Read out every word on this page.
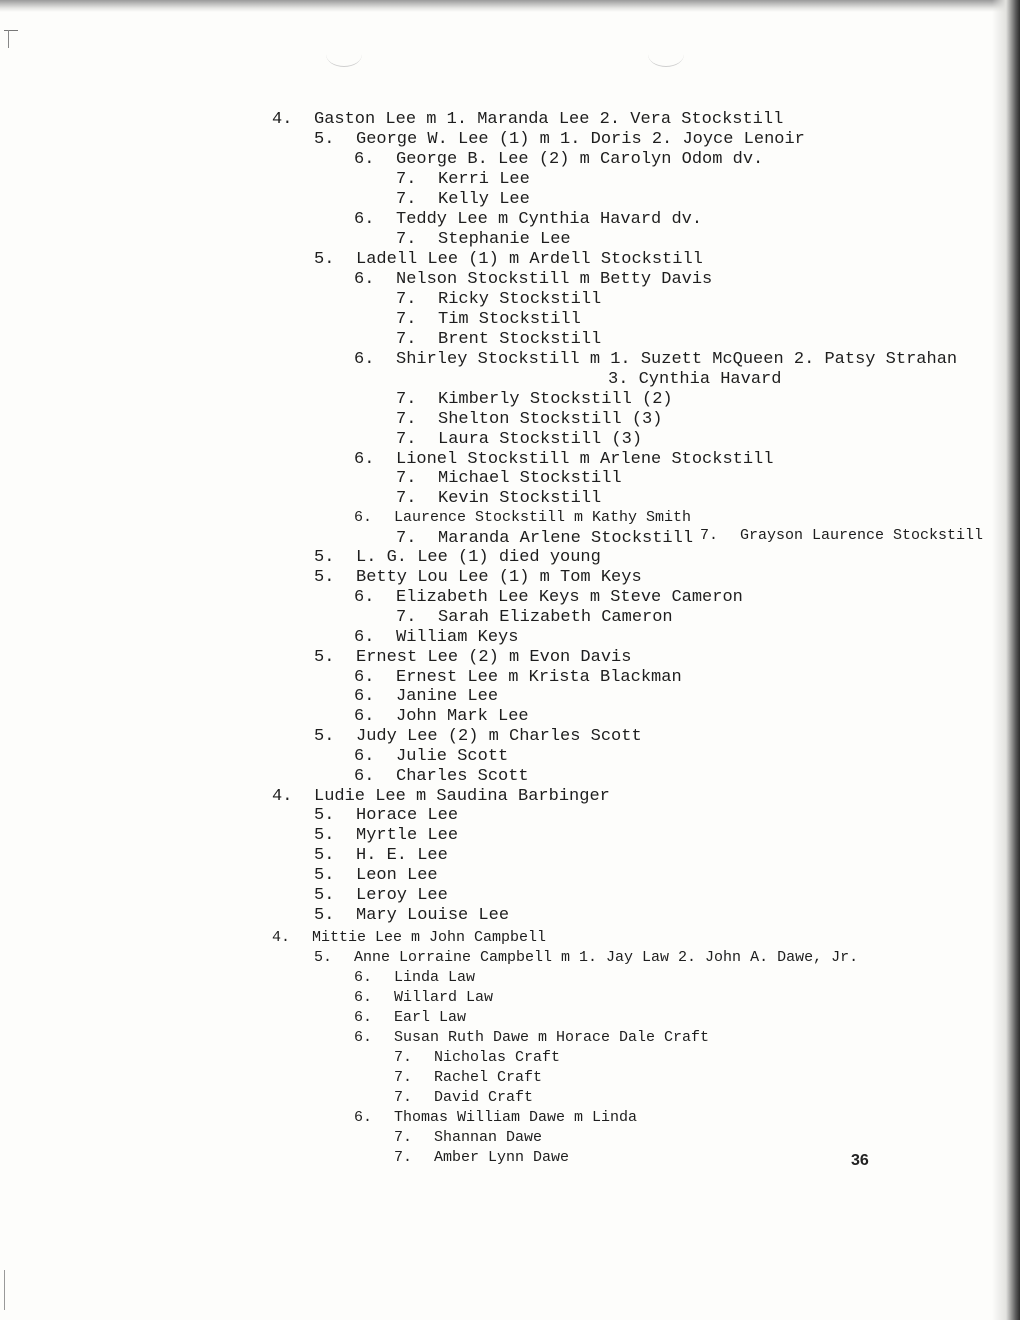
4. Gaston Lee m 1. Maranda Lee 2. Vera Stockstill
5. George W. Lee (1) m 1. Doris 2. Joyce Lenoir
6. George B. Lee (2) m Carolyn Odom dv.
7. Kerri Lee
7. Kelly Lee
6. Teddy Lee m Cynthia Havard dv.
7. Stephanie Lee
5. Ladell Lee (1) m Ardell Stockstill
6. Nelson Stockstill m Betty Davis
7. Ricky Stockstill
7. Tim Stockstill
7. Brent Stockstill
6. Shirley Stockstill m 1. Suzett McQueen 2. Patsy Strahan
3. Cynthia Havard
7. Kimberly Stockstill (2)
7. Shelton Stockstill (3)
7. Laura Stockstill (3)
6. Lionel Stockstill m Arlene Stockstill
7. Michael Stockstill
7. Kevin Stockstill
6. Laurence Stockstill m Kathy Smith
7. Maranda Arlene Stockstill 7. Grayson Laurence Stockstill
5. L. G. Lee (1) died young
5. Betty Lou Lee (1) m Tom Keys
6. Elizabeth Lee Keys m Steve Cameron
7. Sarah Elizabeth Cameron
6. William Keys
5. Ernest Lee (2) m Evon Davis
6. Ernest Lee m Krista Blackman
6. Janine Lee
6. John Mark Lee
5. Judy Lee (2) m Charles Scott
6. Julie Scott
6. Charles Scott
4. Ludie Lee m Saudina Barbinger
5. Horace Lee
5. Myrtle Lee
5. H. E. Lee
5. Leon Lee
5. Leroy Lee
5. Mary Louise Lee
4. Mittie Lee m John Campbell
5. Anne Lorraine Campbell m 1. Jay Law 2. John A. Dawe, Jr.
6. Linda Law
6. Willard Law
6. Earl Law
6. Susan Ruth Dawe m Horace Dale Craft
7. Nicholas Craft
7. Rachel Craft
7. David Craft
6. Thomas William Dawe m Linda
7. Shannan Dawe
7. Amber Lynn Dawe	36
